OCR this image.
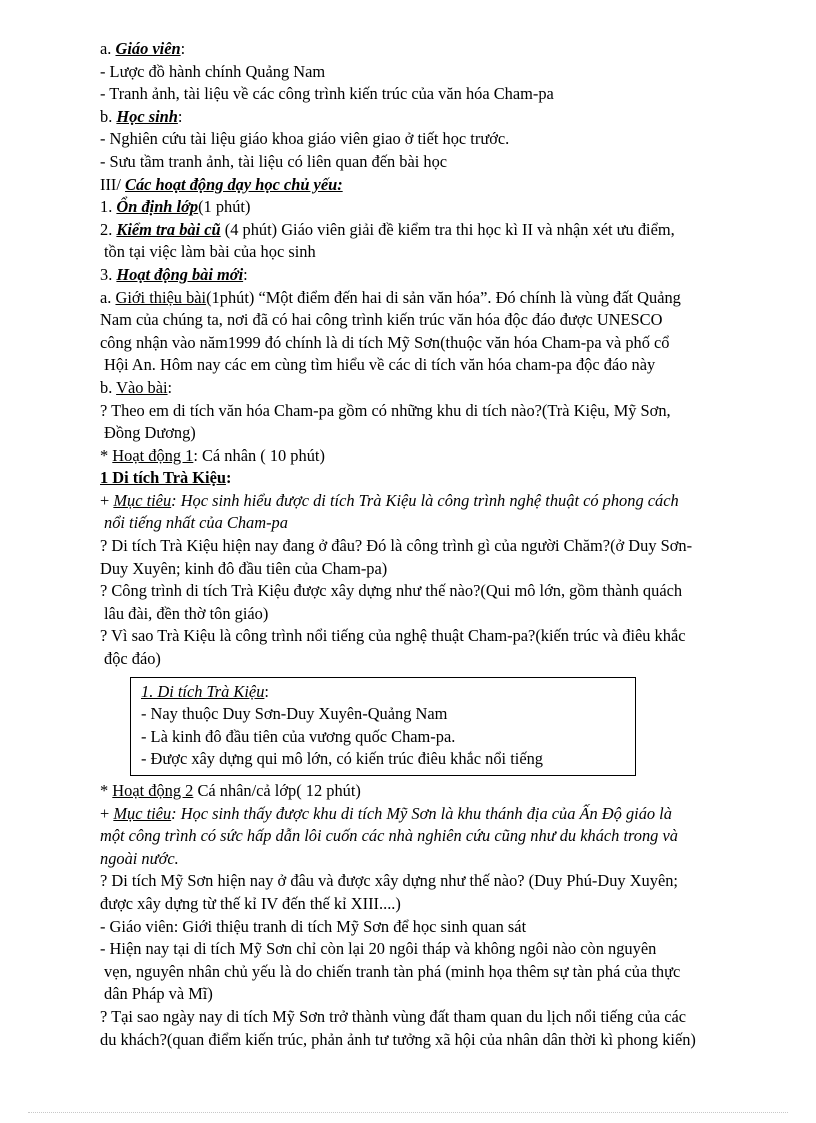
a. Giáo viên:
- Lược đồ hành chính Quảng Nam
- Tranh ảnh, tài liệu về các công trình kiến trúc của văn hóa Cham-pa
b. Học sinh:
- Nghiên cứu tài liệu giáo khoa giáo viên giao ở tiết học trước.
- Sưu tầm tranh ảnh, tài liệu có liên quan đến bài học
III/ Các hoạt động dạy học chủ yếu:
1. Ổn định lớp(1 phút)
2. Kiểm tra bài cũ (4 phút) Giáo viên giải đề kiểm tra thi học kì II và nhận xét ưu điểm,
tồn tại việc làm bài của học sinh
3. Hoạt động bài mới:
a. Giới thiệu bài(1phút) “Một điểm đến hai di sản văn hóa”. Đó chính là vùng đất Quảng
Nam của chúng ta, nơi đã có hai công trình kiến trúc văn hóa độc đáo được UNESCO
công nhận vào năm1999 đó chính là di tích Mỹ Sơn(thuộc văn hóa Cham-pa và phố cổ
Hội An. Hôm nay các em cùng tìm hiểu về các di tích văn hóa cham-pa độc đáo này
b. Vào bài:
? Theo em di tích văn hóa Cham-pa gồm có những khu di tích nào?(Trà Kiệu, Mỹ Sơn,
Đồng Dương)
* Hoạt động 1: Cá nhân ( 10 phút)
1 Di tích Trà Kiệu:
+ Mục tiêu: Học sinh hiểu được di tích Trà Kiệu là công trình nghệ thuật có phong cách
nổi tiếng nhất của Cham-pa
? Di tích Trà Kiệu hiện nay đang ở đâu? Đó là công trình gì của người Chăm?(ở Duy Sơn-
Duy Xuyên; kinh đô đầu tiên của Cham-pa)
? Công trình di tích Trà Kiệu được xây dựng như thế nào?(Qui mô lớn, gồm thành quách
lâu đài, đền thờ tôn giáo)
? Vì sao Trà Kiệu là công trình nổi tiếng của nghệ thuật Cham-pa?(kiến trúc và điêu khắc
độc đáo)
1. Di tích Trà Kiệu:
- Nay thuộc Duy Sơn-Duy Xuyên-Quảng Nam
- Là kinh đô đầu tiên của vương quốc Cham-pa.
- Được xây dựng qui mô lớn, có kiến trúc điêu khắc nổi tiếng
* Hoạt động 2 Cá nhân/cả lớp( 12 phút)
+ Mục tiêu: Học sinh thấy được khu di tích Mỹ Sơn là khu thánh địa của Ấn Độ giáo là
một công trình có sức hấp dẫn lôi cuốn các nhà nghiên cứu cũng như du khách trong và
ngoài nước.
? Di tích Mỹ Sơn hiện nay ở đâu và được xây dựng như thế nào? (Duy Phú-Duy Xuyên;
được xây dựng từ thế kỉ IV đến thế kỉ XIII....)
- Giáo viên: Giới thiệu tranh di tích Mỹ Sơn để học sinh quan sát
- Hiện nay tại di tích Mỹ Sơn chỉ còn lại 20 ngôi tháp và không ngôi nào còn nguyên
vẹn, nguyên nhân chủ yếu là do chiến tranh tàn phá (minh họa thêm sự tàn phá của thực
dân Pháp và Mĩ)
? Tại sao ngày nay di tích Mỹ Sơn trở thành vùng đất tham quan du lịch nổi tiếng của các
du khách?(quan điểm kiến trúc, phản ảnh tư tưởng xã hội của nhân dân thời kì phong kiến)
